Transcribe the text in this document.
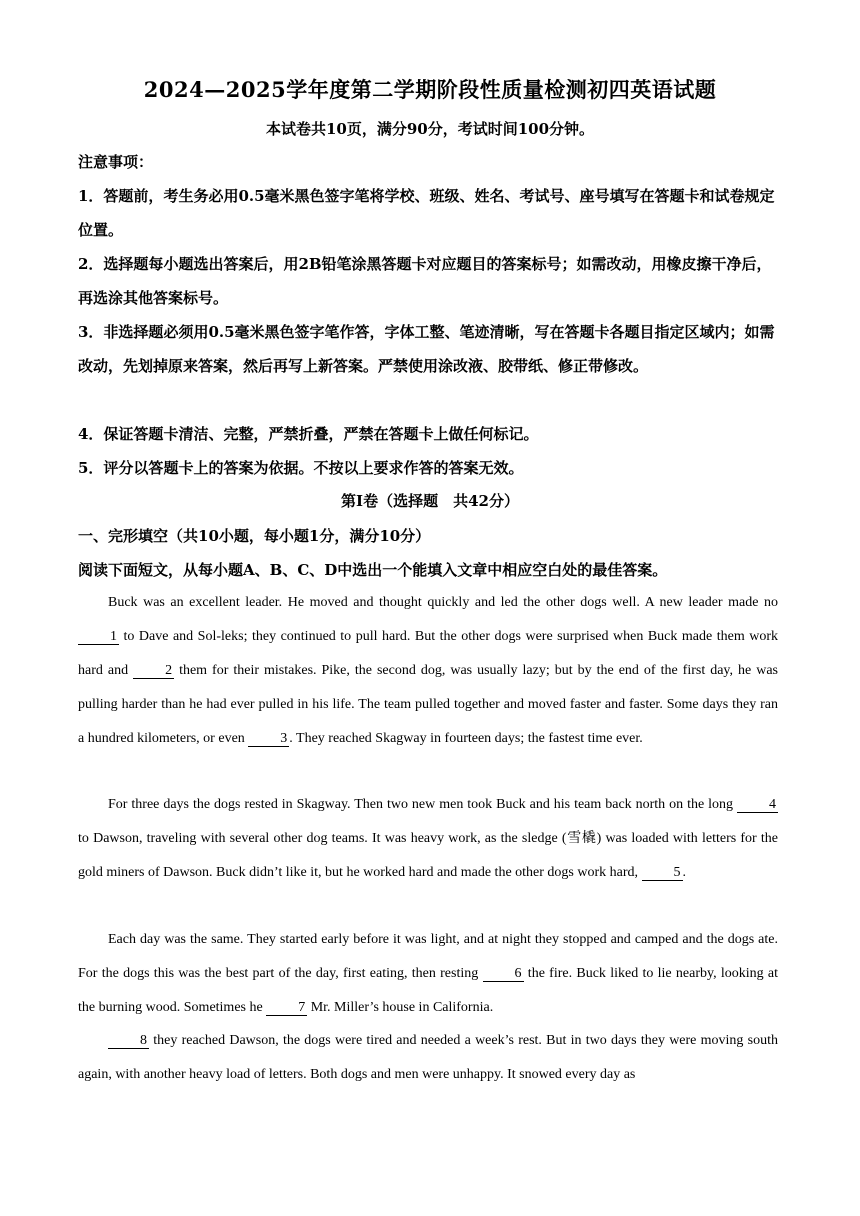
2024—2025学年度第二学期阶段性质量检测初四英语试题
本试卷共10页，满分90分，考试时间100分钟。
注意事项：
1．答题前，考生务必用0.5毫米黑色签字笔将学校、班级、姓名、考试号、座号填写在答题卡和试卷规定位置。
2．选择题每小题选出答案后，用2B铅笔涂黑答题卡对应题目的答案标号；如需改动，用橡皮擦干净后，再选涂其他答案标号。
3．非选择题必须用0.5毫米黑色签字笔作答，字体工整、笔迹清晰，写在答题卡各题目指定区域内；如需改动，先划掉原来答案，然后再写上新答案。严禁使用涂改液、胶带纸、修正带修改。
4．保证答题卡清洁、完整，严禁折叠，严禁在答题卡上做任何标记。
5．评分以答题卡上的答案为依据。不按以上要求作答的答案无效。
第Ⅰ卷（选择题　共42分）
一、完形填空（共10小题，每小题1分，满分10分）
阅读下面短文，从每小题A、B、C、D中选出一个能填入文章中相应空白处的最佳答案。
Buck was an excellent leader. He moved and thought quickly and led the other dogs well. A new leader made no 1 to Dave and Sol-leks; they continued to pull hard. But the other dogs were surprised when Buck made them work hard and 2 them for their mistakes. Pike, the second dog, was usually lazy; but by the end of the first day, he was pulling harder than he had ever pulled in his life. The team pulled together and moved faster and faster. Some days they ran a hundred kilometers, or even 3 . They reached Skagway in fourteen days; the fastest time ever.
For three days the dogs rested in Skagway. Then two new men took Buck and his team back north on the long 4 to Dawson, traveling with several other dog teams. It was heavy work, as the sledge (雪橇) was loaded with letters for the gold miners of Dawson. Buck didn’t like it, but he worked hard and made the other dogs work hard, 5 .
Each day was the same. They started early before it was light, and at night they stopped and camped and the dogs ate. For the dogs this was the best part of the day, first eating, then resting 6 the fire. Buck liked to lie nearby, looking at the burning wood. Sometimes he 7 Mr. Miller’s house in California.
8 they reached Dawson, the dogs were tired and needed a week’s rest. But in two days they were moving south again, with another heavy load of letters. Both dogs and men were unhappy. It snowed every day as
